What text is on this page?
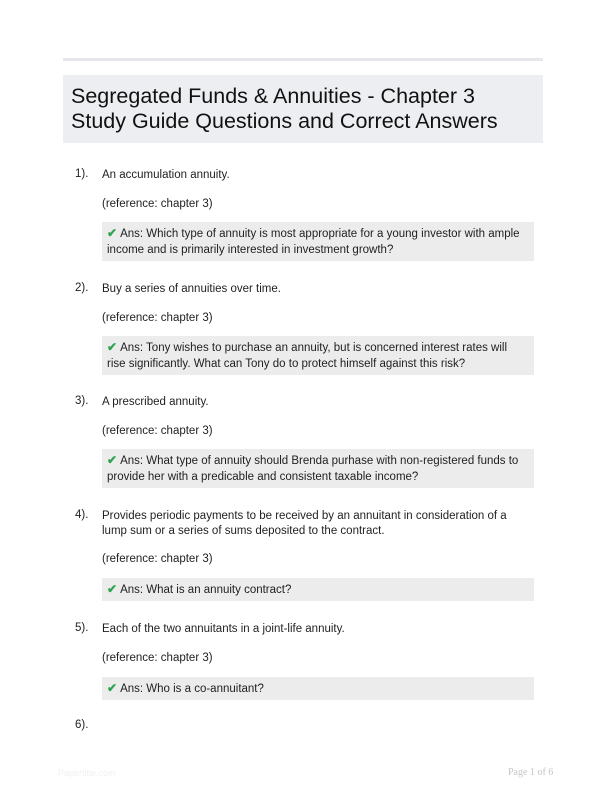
Segregated Funds & Annuities - Chapter 3 Study Guide Questions and Correct Answers
1). An accumulation annuity.
(reference: chapter 3)
✔ Ans: Which type of annuity is most appropriate for a young investor with ample income and is primarily interested in investment growth?
2). Buy a series of annuities over time.
(reference: chapter 3)
✔ Ans: Tony wishes to purchase an annuity, but is concerned interest rates will rise significantly. What can Tony do to protect himself against this risk?
3). A prescribed annuity.
(reference: chapter 3)
✔ Ans: What type of annuity should Brenda purhase with non-registered funds to provide her with a predicable and consistent taxable income?
4). Provides periodic payments to be received by an annuitant in consideration of a lump sum or a series of sums deposited to the contract.
(reference: chapter 3)
✔ Ans: What is an annuity contract?
5). Each of the two annuitants in a joint-life annuity.
(reference: chapter 3)
✔ Ans: Who is a co-annuitant?
6).
Papertitle.com	Page 1 of 6
